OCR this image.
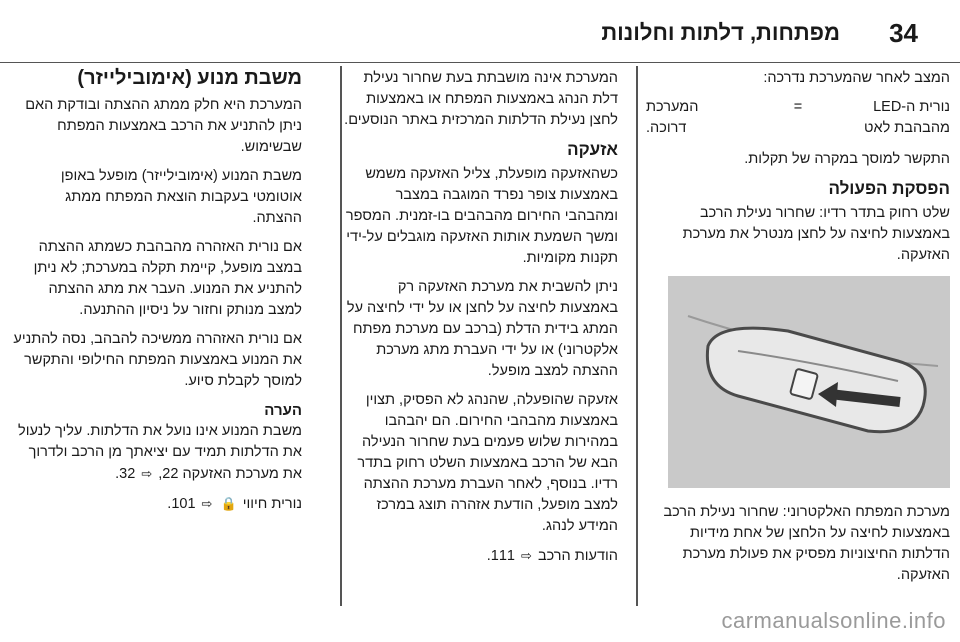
34
מפתחות, דלתות וחלונות

המצב לאחר שהמערכת נדרכה:

נורית ה-LED
=
המערכת
מהבהבת לאט
דרוכה.

התקשר למוסך במקרה של תקלות.

הפסקת הפעולה

שלט רחוק בתדר רדיו: שחרור נעילת הרכב באמצעות לחיצה על לחצן מנטרל את מערכת האזעקה.

מערכת המפתח האלקטרוני: שחרור נעילת הרכב באמצעות לחיצה על הלחצן של אחת מידיות הדלתות החיצוניות מפסיק את פעולת מערכת האזעקה.

המערכת אינה מושבתת בעת שחרור נעילת דלת הנהג באמצעות המפתח או באמצעות לחצן נעילת הדלתות המרכזית באתר הנוסעים.

אזעקה

כשהאזעקה מופעלת, צליל האזעקה משמש באמצעות צופר נפרד המוגבה במצבר ומהבהבי החירום מהבהבים בו-זמנית. המספר ומשך השמעת אותות האזעקה מוגבלים על-ידי תקנות מקומיות.

ניתן להשבית את מערכת האזעקה רק באמצעות לחיצה על לחצן או על ידי לחיצה על המתג בידית הדלת (ברכב עם מערכת מפתח אלקטרוני) או על ידי העברת מתג מערכת ההצתה למצב מופעל.

אזעקה שהופעלה, שהנהג לא הפסיק, תצוין באמצעות מהבהבי החירום. הם יהבהבו במהירות שלוש פעמים בעת שחרור הנעילה הבא של הרכב באמצעות השלט רחוק בתדר רדיו. בנוסף, לאחר העברת מערכת ההצתה למצב מופעל, הודעת אזהרה תוצג במרכז המידע לנהג.

הודעות הרכב ⇨ 111.

משבת מנוע (אימובילייזר)

המערכת היא חלק ממתג ההצתה ובודקת האם ניתן להתניע את הרכב באמצעות המפתח שבשימוש.

משבת המנוע (אימובילייזר) מופעל באופן אוטומטי בעקבות הוצאת המפתח ממתג ההצתה.

אם נורית האזהרה מהבהבת כשמתג ההצתה במצב מופעל, קיימת תקלה במערכת; לא ניתן להתניע את המנוע. העבר את מתג ההצתה למצב מנותק וחזור על ניסיון ההתנעה.

אם נורית האזהרה ממשיכה להבהב, נסה להתניע את המנוע באמצעות המפתח החילופי והתקשר למוסך לקבלת סיוע.

הערה

משבת המנוע אינו נועל את הדלתות. עליך לנעול את הדלתות תמיד עם יציאתך מן הרכב ולדרוך את מערכת האזעקה 22, ⇨ 32.

נורית חיווי 🔒 ⇨ 101.

carmanualsonline.info
